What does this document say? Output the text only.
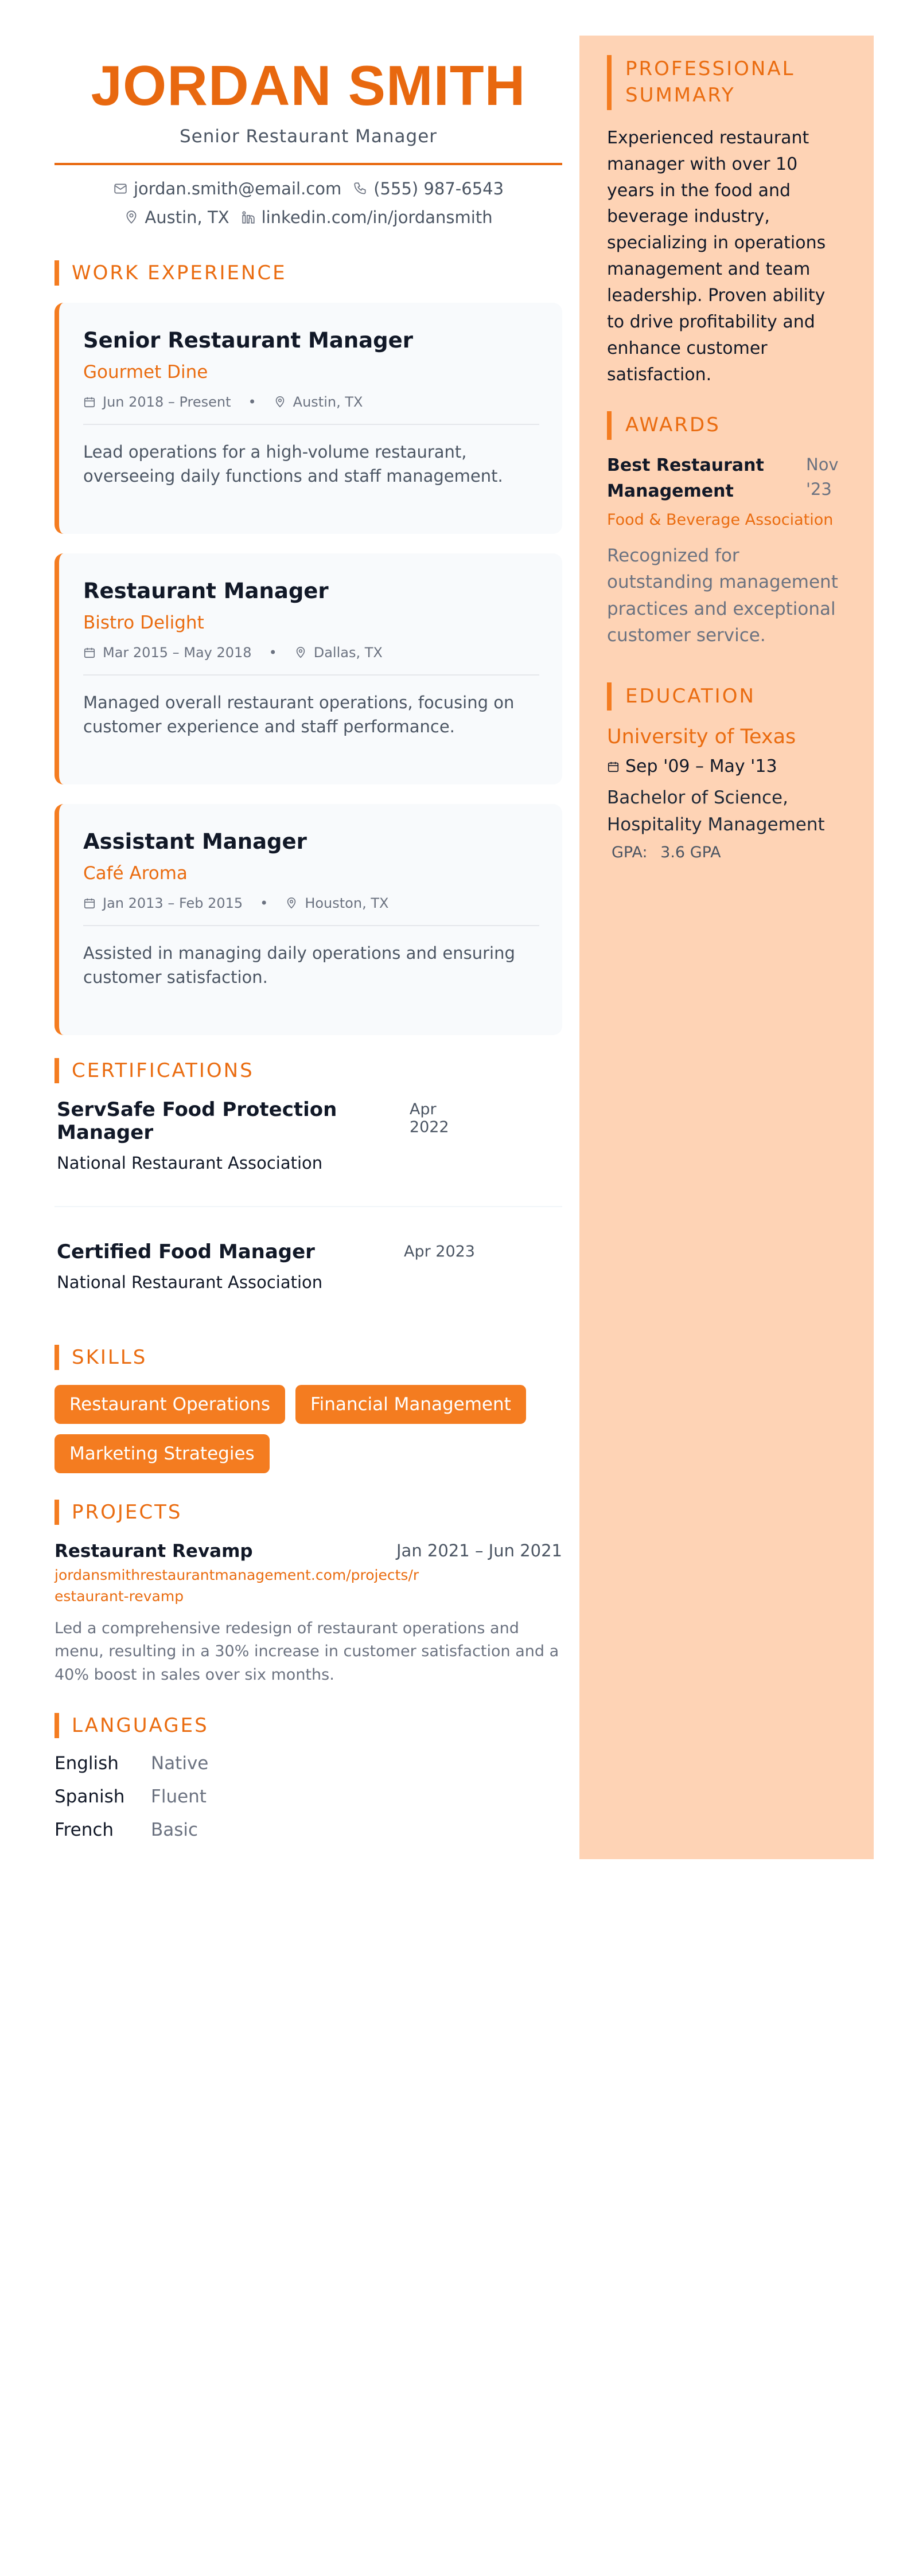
JORDAN SMITH
Senior Restaurant Manager
jordan.smith@email.com (555) 987-6543
Austin, TX linkedin.com/in/jordansmith
WORK EXPERIENCE
Senior Restaurant Manager
Gourmet Dine
Jun 2018 – Present •	Austin, TX
Lead operations for a high-volume restaurant, overseeing daily functions and staff management.
Restaurant Manager
Bistro Delight
Mar 2015 – May 2018 •	Dallas, TX
Managed overall restaurant operations, focusing on customer experience and staff performance.
Assistant Manager
Café Aroma
Jan 2013 – Feb 2015 •	Houston, TX
Assisted in managing daily operations and ensuring customer satisfaction.
CERTIFICATIONS
ServSafe Food Protection Manager
National Restaurant Association
Apr 2022
Certified Food Manager
National Restaurant Association
Apr 2023
SKILLS
Restaurant Operations	Financial Management
Marketing Strategies
PROJECTS
Restaurant Revamp	Jan 2021 – Jun 2021
jordansmithrestaurantmanagement.com/projects/restaurant-revamp
Led a comprehensive redesign of restaurant operations and menu, resulting in a 30% increase in customer satisfaction and a 40% boost in sales over six months.
LANGUAGES
English	Native
Spanish	Fluent
French	Basic
PROFESSIONAL SUMMARY
Experienced restaurant manager with over 10 years in the food and beverage industry, specializing in operations management and team leadership. Proven ability to drive profitability and enhance customer satisfaction.
AWARDS
Best Restaurant Management
Nov '23
Food & Beverage Association
Recognized for outstanding management practices and exceptional customer service.
EDUCATION
University of Texas
Sep '09 – May '13
Bachelor of Science, Hospitality Management
GPA: 3.6 GPA
